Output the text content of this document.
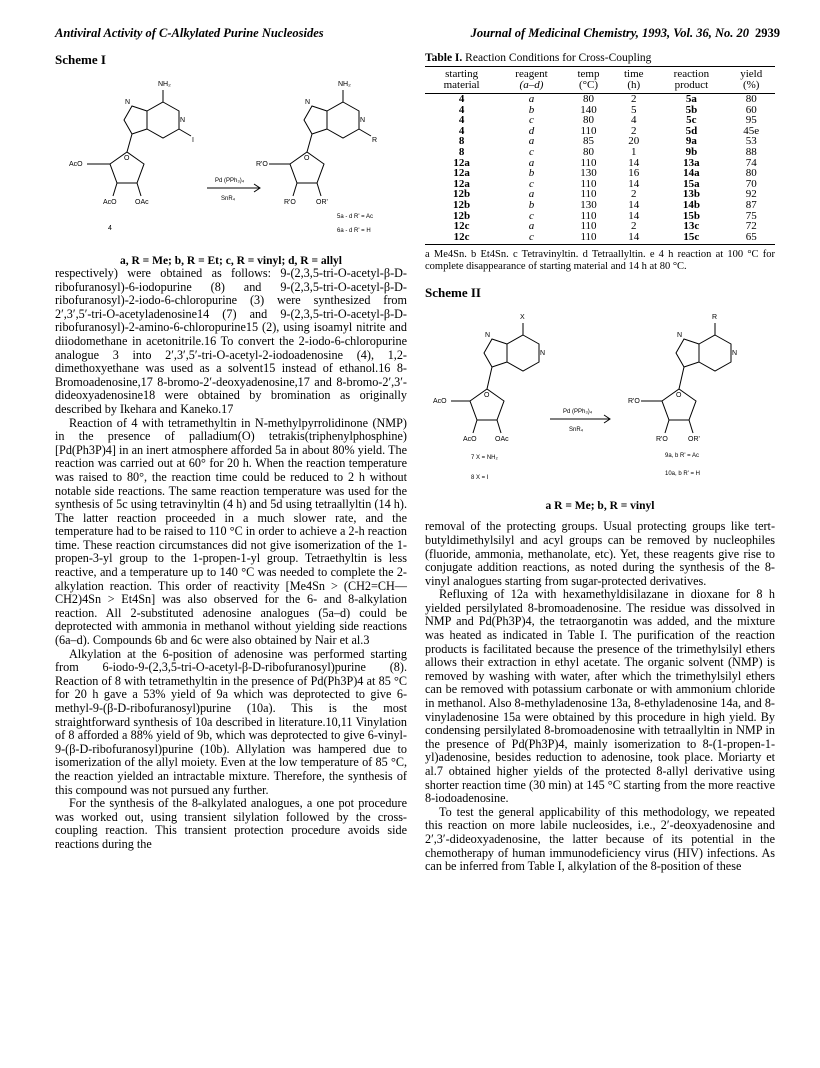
Antiviral Activity of C-Alkylated Purine Nucleosides	Journal of Medicinal Chemistry, 1993, Vol. 36, No. 20 2939
Scheme I
NH₂	NH₂
I	R
N
N
N
N
O	O
AcO
AcO	OAc
R'O
R'O	OR'
Pd (PPh₃)₄
SnR₄
4
5a - d R' = Ac
6a - d R' = H
a, R = Me; b, R = Et; c, R = vinyl; d, R = allyl

respectively) were obtained as follows: 9-(2,3,5-tri-O-acetyl-β-D-ribofuranosyl)-6-iodopurine (8) and 9-(2,3,5-tri-O-acetyl-β-D-ribofuranosyl)-2-iodo-6-chloropurine (3) were synthesized from 2′,3′,5′-tri-O-acetyladenosine14 (7) and 9-(2,3,5-tri-O-acetyl-β-D-ribofuranosyl)-2-amino-6-chloropurine15 (2), using isoamyl nitrite and diiodomethane in acetonitrile.16 To convert the 2-iodo-6-chloropurine analogue 3 into 2′,3′,5′-tri-O-acetyl-2-iodoadenosine (4), 1,2-dimethoxyethane was used as a solvent15 instead of ethanol.16 8-Bromoadenosine,17 8-bromo-2′-deoxyadenosine,17 and 8-bromo-2′,3′-dideoxyadenosine18 were obtained by bromination as originally described by Ikehara and Kaneko.17

Reaction of 4 with tetramethyltin in N-methylpyrrolidinone (NMP) in the presence of palladium(O) tetrakis(triphenylphosphine) [Pd(Ph3P)4] in an inert atmosphere afforded 5a in about 80% yield. The reaction was carried out at 60° for 20 h. When the reaction temperature was raised to 80°, the reaction time could be reduced to 2 h without notable side reactions. The same reaction temperature was used for the synthesis of 5c using tetravinyltin (4 h) and 5d using tetraallyltin (14 h). The latter reaction proceeded in a much slower rate, and the temperature had to be raised to 110 °C in order to achieve a 2-h reaction time. These reaction circumstances did not give isomerization of the 1-propen-3-yl group to the 1-propen-1-yl group. Tetraethyltin is less reactive, and a temperature up to 140 °C was needed to complete the 2-alkylation reaction. This order of reactivity [Me4Sn > (CH2=CH—CH2)4Sn > Et4Sn] was also observed for the 6- and 8-alkylation reaction. All 2-substituted adenosine analogues (5a–d) could be deprotected with ammonia in methanol without yielding side reactions (6a–d). Compounds 6b and 6c were also obtained by Nair et al.3

Alkylation at the 6-position of adenosine was performed starting from 6-iodo-9-(2,3,5-tri-O-acetyl-β-D-ribofuranosyl)purine (8). Reaction of 8 with tetramethyltin in the presence of Pd(Ph3P)4 at 85 °C for 20 h gave a 53% yield of 9a which was deprotected to give 6-methyl-9-(β-D-ribofuranosyl)purine (10a). This is the most straightforward synthesis of 10a described in literature.10,11 Vinylation of 8 afforded a 88% yield of 9b, which was deprotected to give 6-vinyl-9-(β-D-ribofuranosyl)purine (10b). Allylation was hampered due to isomerization of the allyl moiety. Even at the low temperature of 85 °C, the reaction yielded an intractable mixture. Therefore, the synthesis of this compound was not pursued any further.

For the synthesis of the 8-alkylated analogues, a one pot procedure was worked out, using transient silylation followed by the cross-coupling reaction. This transient protection procedure avoids side reactions during the

Table I. Reaction Conditions for Cross-Coupling
starting	reagent	temp	time	reaction	yield
material	(a–d)	(°C)	(h)	product	(%)
4	a	80	2	5a	80
4	b	140	5	5b	60
4	c	80	4	5c	95
4	d	110	2	5d	45e
8	a	85	20	9a	53
8	c	80	1	9b	88
12a	a	110	14	13a	74
12a	b	130	16	14a	80
12a	c	110	14	15a	70
12b	a	110	2	13b	92
12b	b	130	14	14b	87
12b	c	110	14	15b	75
12c	a	110	2	13c	72
12c	c	110	14	15c	65
a Me4Sn. b Et4Sn. c Tetravinyltin. d Tetraallyltin. e 4 h reaction at 100 °C for complete disappearance of starting material and 14 h at 80 °C.
Scheme II
X	R
N
N
N
N
O	O
AcO
AcO	OAc
R'O
R'O	OR'
Pd (PPh₃)₄
SnR₄
7 X = NH₂
8 X = I
9a, b R' = Ac
10a, b R' = H
a R = Me; b, R = vinyl

removal of the protecting groups. Usual protecting groups like tert-butyldimethylsilyl and acyl groups can be removed by nucleophiles (fluoride, ammonia, methanolate, etc). Yet, these reagents give rise to conjugate addition reactions, as noted during the synthesis of the 8-vinyl analogues starting from sugar-protected derivatives.

Refluxing of 12a with hexamethyldisilazane in dioxane for 8 h yielded persilylated 8-bromoadenosine. The residue was dissolved in NMP and Pd(Ph3P)4, the tetraorganotin was added, and the mixture was heated as indicated in Table I. The purification of the reaction products is facilitated because the presence of the trimethylsilyl ethers allows their extraction in ethyl acetate. The organic solvent (NMP) is removed by washing with water, after which the trimethylsilyl ethers can be removed with potassium carbonate or with ammonium chloride in methanol. Also 8-methyladenosine 13a, 8-ethyladenosine 14a, and 8-vinyladenosine 15a were obtained by this procedure in high yield. By condensing persilylated 8-bromoadenosine with tetraallyltin in NMP in the presence of Pd(Ph3P)4, mainly isomerization to 8-(1-propen-1-yl)adenosine, besides reduction to adenosine, took place. Moriarty et al.7 obtained higher yields of the protected 8-allyl derivative using shorter reaction time (30 min) at 145 °C starting from the more reactive 8-iodoadenosine.

To test the general applicability of this methodology, we repeated this reaction on more labile nucleosides, i.e., 2′-deoxyadenosine and 2′,3′-dideoxyadenosine, the latter because of its potential in the chemotherapy of human immunodeficiency virus (HIV) infections. As can be inferred from Table I, alkylation of the 8-position of these
